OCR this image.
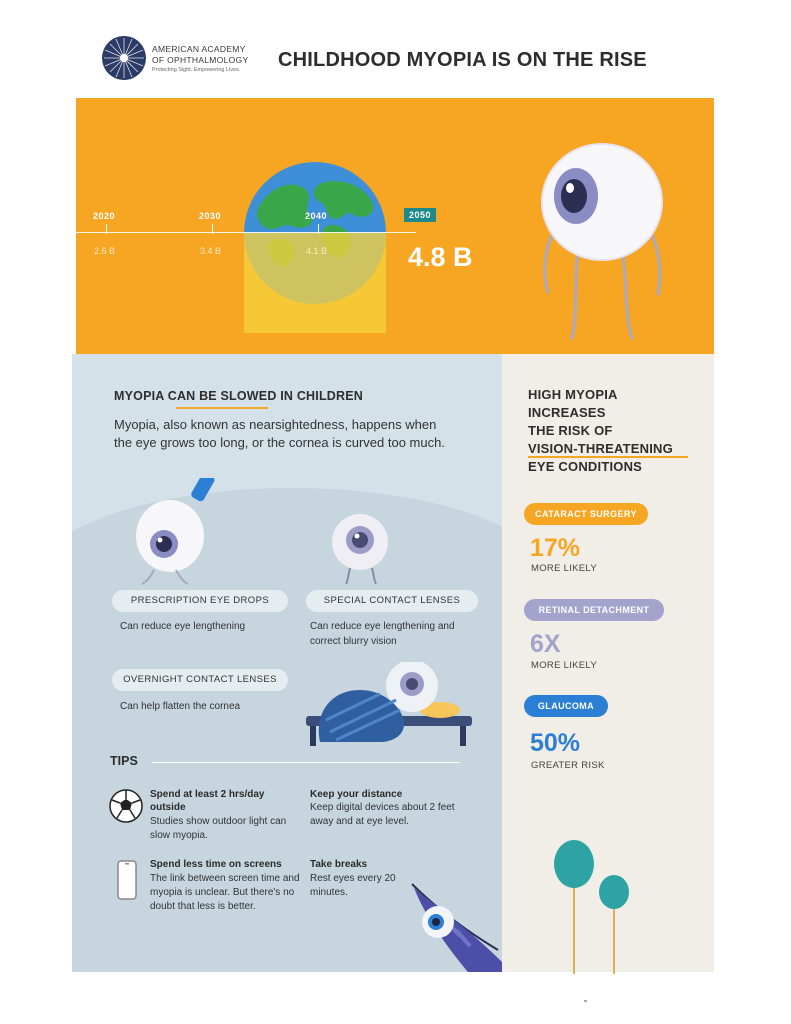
AMERICAN ACADEMY
OF OPHTHALMOLOGY
Protecting Sight. Empowering Lives.	CHILDHOOD MYOPIA IS ON THE RISE
2020	2030	2040	2050
2.6 B	3.4 B	4.1 B	4.8 B
MYOPIA CAN BE SLOWED IN CHILDREN
Myopia, also known as nearsightedness, happens when the eye grows too long, or the cornea is curved too much.
PRESCRIPTION EYE DROPS
Can reduce eye lengthening
SPECIAL CONTACT LENSES
Can reduce eye lengthening and correct blurry vision
OVERNIGHT CONTACT LENSES
Can help flatten the cornea
TIPS
Spend at least 2 hrs/day outside
Studies show outdoor light can slow myopia.
Keep your distance
Keep digital devices about 2 feet away and at eye level.
Spend less time on screens
The link between screen time and myopia is unclear. But there's no doubt that less is better.
Take breaks
Rest eyes every 20 minutes.
HIGH MYOPIA
INCREASES
THE RISK OF
VISION-THREATENING
EYE CONDITIONS
CATARACT SURGERY
17%
MORE LIKELY
RETINAL DETACHMENT
6X
MORE LIKELY
GLAUCOMA
50%
GREATER RISK
